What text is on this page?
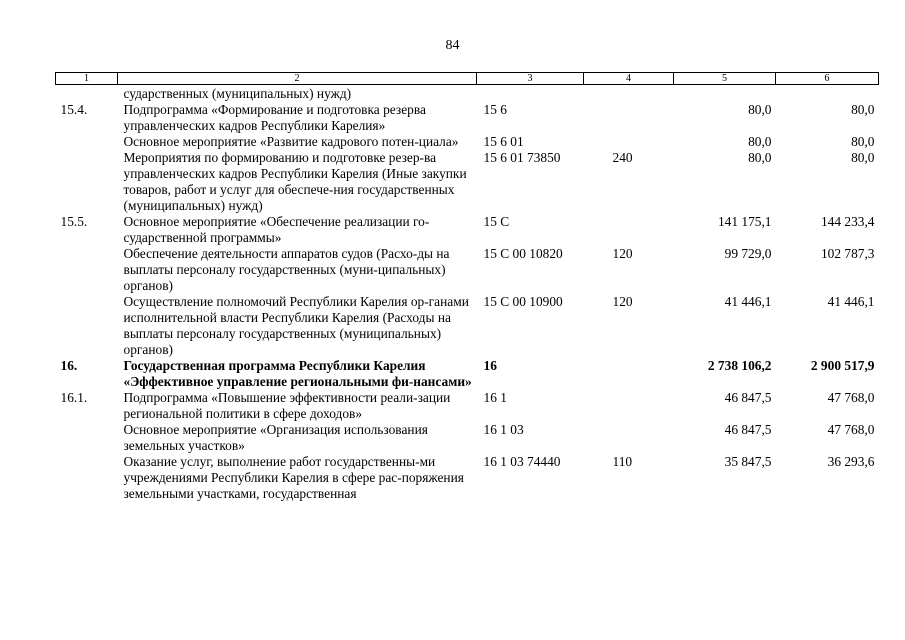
84
1	2	3	4	5	6
	сударственных (муниципальных) нужд)				
15.4.	Подпрограмма «Формирование и подготовка резерва управленческих кадров Республики Карелия»	15 6		80,0	80,0
	Основное мероприятие «Развитие кадрового потен-циала»	15 6 01		80,0	80,0
	Мероприятия по формированию и подготовке резер-ва управленческих кадров Республики Карелия (Иные закупки товаров, работ и услуг для обеспече-ния государственных (муниципальных) нужд)	15 6 01 73850	240	80,0	80,0
15.5.	Основное мероприятие «Обеспечение реализации го-сударственной программы»	15 С		141 175,1	144 233,4
	Обеспечение деятельности аппаратов судов (Расхо-ды на выплаты персоналу государственных (муни-ципальных) органов)	15 С 00 10820	120	99 729,0	102 787,3
	Осуществление полномочий Республики Карелия ор-ганами исполнительной власти Республики Карелия (Расходы на выплаты персоналу государственных (муниципальных) органов)	15 С 00 10900	120	41 446,1	41 446,1
16.	Государственная программа Республики Карелия «Эффективное управление региональными фи-нансами»	16		2 738 106,2	2 900 517,9
16.1.	Подпрограмма «Повышение эффективности реали-зации региональной политики в сфере доходов»	16 1		46 847,5	47 768,0
	Основное мероприятие «Организация использования земельных участков»	16 1 03		46 847,5	47 768,0
	Оказание услуг, выполнение работ государственны-ми учреждениями Республики Карелия в сфере рас-поряжения земельными участками, государственная	16 1 03 74440	110	35 847,5	36 293,6
